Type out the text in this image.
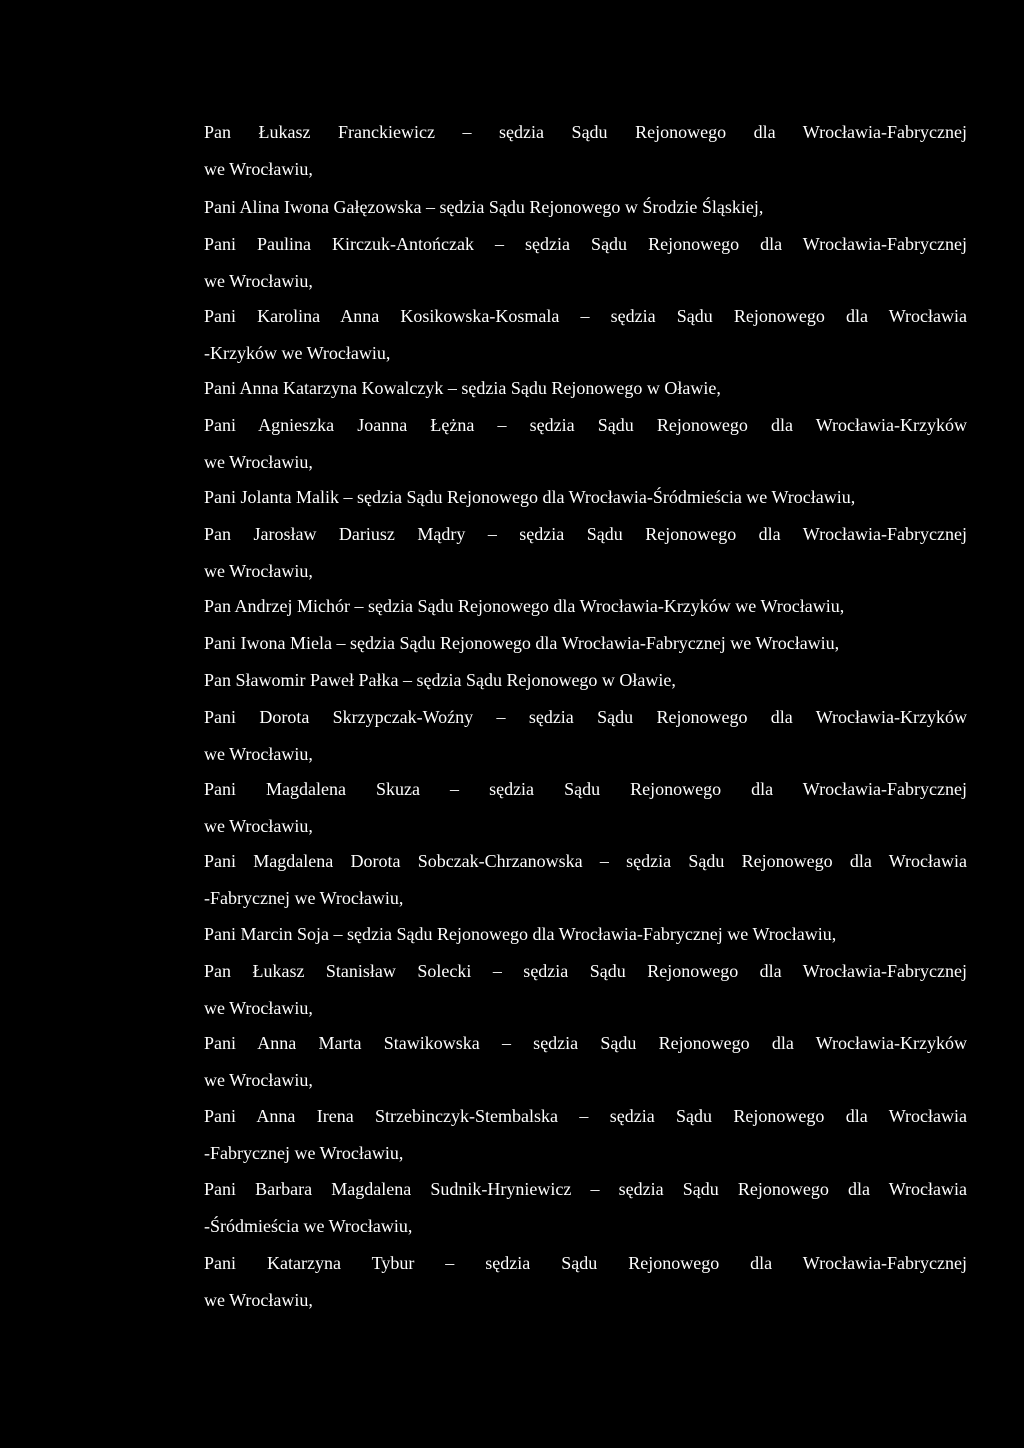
Pan Łukasz Franckiewicz – sędzia Sądu Rejonowego dla Wrocławia-Fabrycznej
we Wrocławiu,
Pani Alina Iwona Gałęzowska – sędzia Sądu Rejonowego w Środzie Śląskiej,
Pani Paulina Kirczuk-Antończak – sędzia Sądu Rejonowego dla Wrocławia-Fabrycznej
we Wrocławiu,
Pani Karolina Anna Kosikowska-Kosmala – sędzia Sądu Rejonowego dla Wrocławia
-Krzyków we Wrocławiu,
Pani Anna Katarzyna Kowalczyk – sędzia Sądu Rejonowego w Oławie,
Pani Agnieszka Joanna Łężna – sędzia Sądu Rejonowego dla Wrocławia-Krzyków
we Wrocławiu,
Pani Jolanta Malik – sędzia Sądu Rejonowego dla Wrocławia-Śródmieścia we Wrocławiu,
Pan Jarosław Dariusz Mądry – sędzia Sądu Rejonowego dla Wrocławia-Fabrycznej
we Wrocławiu,
Pan Andrzej Michór – sędzia Sądu Rejonowego dla Wrocławia-Krzyków we Wrocławiu,
Pani Iwona Miela – sędzia Sądu Rejonowego dla Wrocławia-Fabrycznej we Wrocławiu,
Pan Sławomir Paweł Pałka – sędzia Sądu Rejonowego w Oławie,
Pani Dorota Skrzypczak-Woźny – sędzia Sądu Rejonowego dla Wrocławia-Krzyków
we Wrocławiu,
Pani Magdalena Skuza – sędzia Sądu Rejonowego dla Wrocławia-Fabrycznej
we Wrocławiu,
Pani Magdalena Dorota Sobczak-Chrzanowska – sędzia Sądu Rejonowego dla Wrocławia
-Fabrycznej we Wrocławiu,
Pani Marcin Soja – sędzia Sądu Rejonowego dla Wrocławia-Fabrycznej we Wrocławiu,
Pan Łukasz Stanisław Solecki – sędzia Sądu Rejonowego dla Wrocławia-Fabrycznej
we Wrocławiu,
Pani Anna Marta Stawikowska – sędzia Sądu Rejonowego dla Wrocławia-Krzyków
we Wrocławiu,
Pani Anna Irena Strzebinczyk-Stembalska – sędzia Sądu Rejonowego dla Wrocławia
-Fabrycznej we Wrocławiu,
Pani Barbara Magdalena Sudnik-Hryniewicz – sędzia Sądu Rejonowego dla Wrocławia
-Śródmieścia we Wrocławiu,
Pani Katarzyna Tybur – sędzia Sądu Rejonowego dla Wrocławia-Fabrycznej
we Wrocławiu,
